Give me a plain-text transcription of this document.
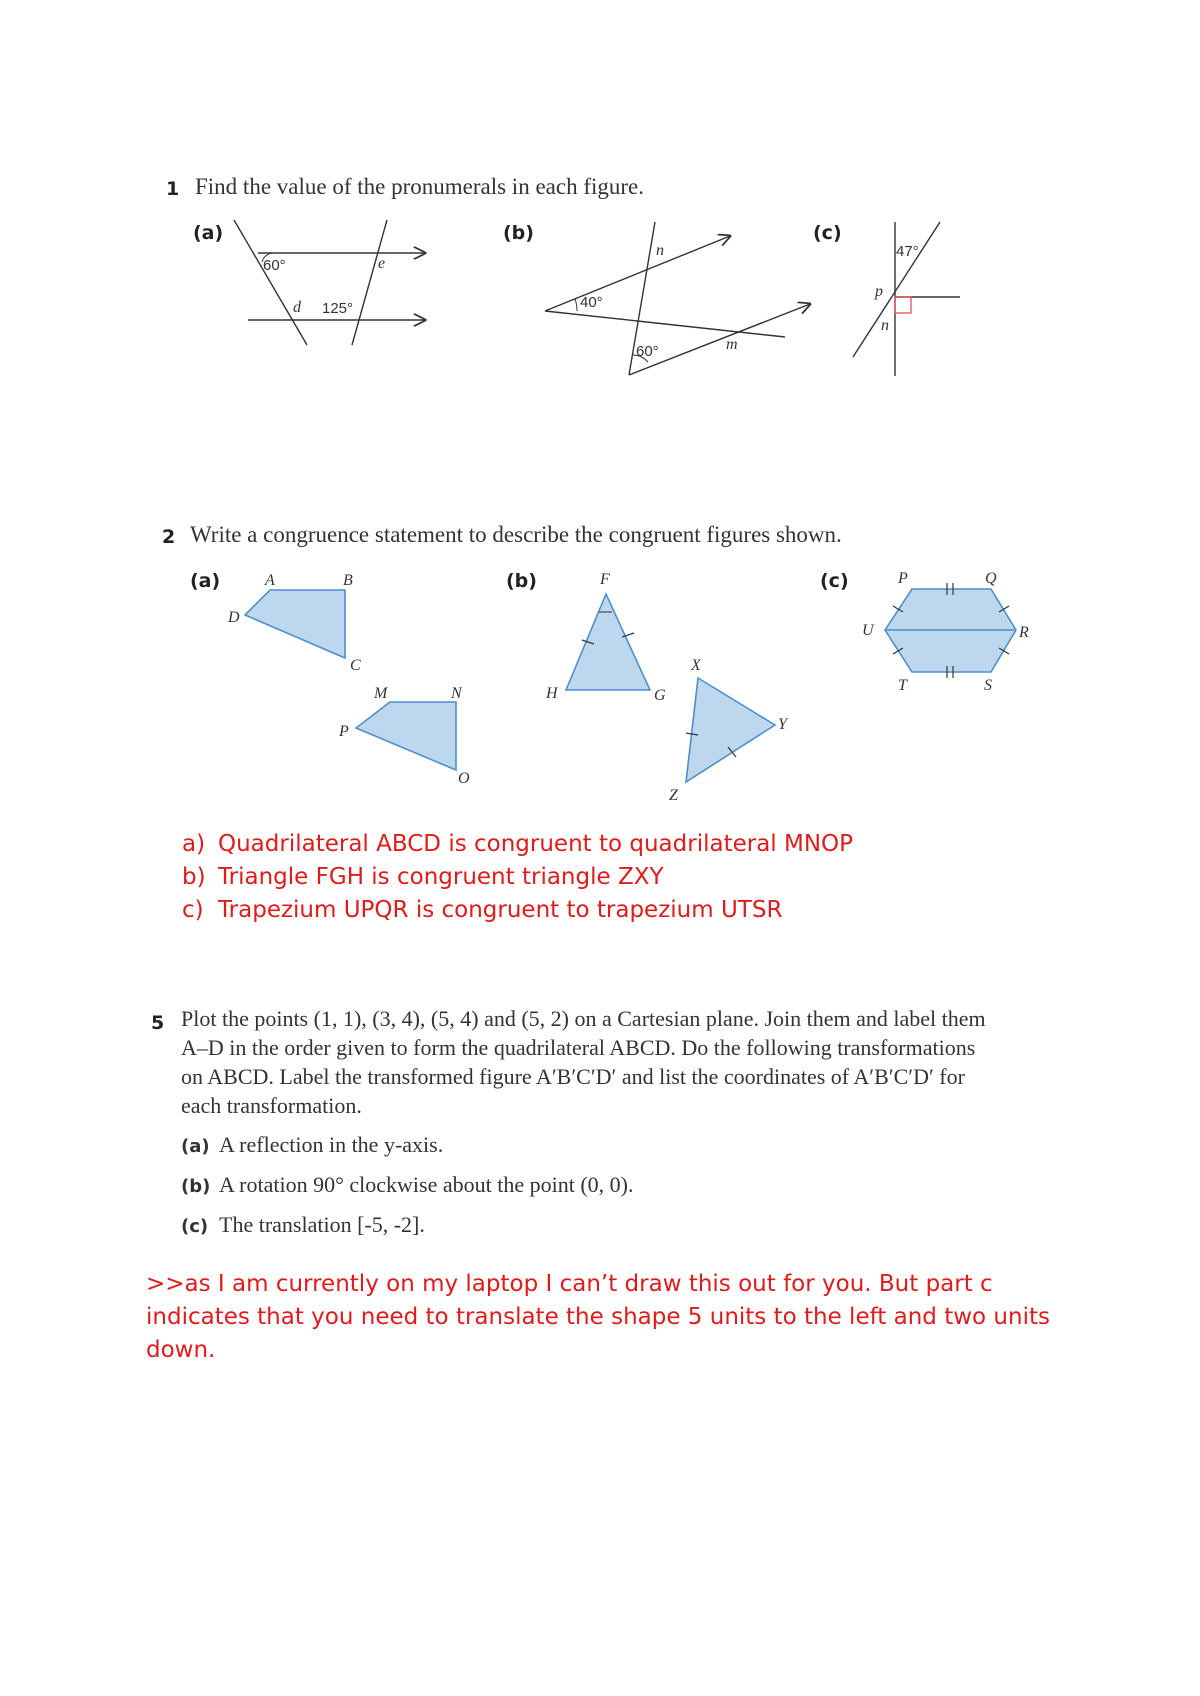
1 Find the value of the pronumerals in each figure.
(a)	(b)	(c)
60°	e
d 125°
n
40°
60°	m
47°
p
n
2 Write a congruence statement to describe the congruent figures shown.
(a)	(b)	(c)
A	B
D
C
M	N
P
O
F
H	G
X
Y
Z
P	Q
U	R
T	S
a) Quadrilateral ABCD is congruent to quadrilateral MNOP
b) Triangle FGH is congruent triangle ZXY
c) Trapezium UPQR is congruent to trapezium UTSR
5 Plot the points (1, 1), (3, 4), (5, 4) and (5, 2) on a Cartesian plane. Join them and label them
A–D in the order given to form the quadrilateral ABCD. Do the following transformations
on ABCD. Label the transformed figure A′B′C′D′ and list the coordinates of A′B′C′D′ for
each transformation.
(a) A reflection in the y-axis.
(b) A rotation 90° clockwise about the point (0, 0).
(c) The translation [-5, -2].
>>as I am currently on my laptop I can’t draw this out for you. But part c indicates that you need to translate the shape 5 units to the left and two units down.
